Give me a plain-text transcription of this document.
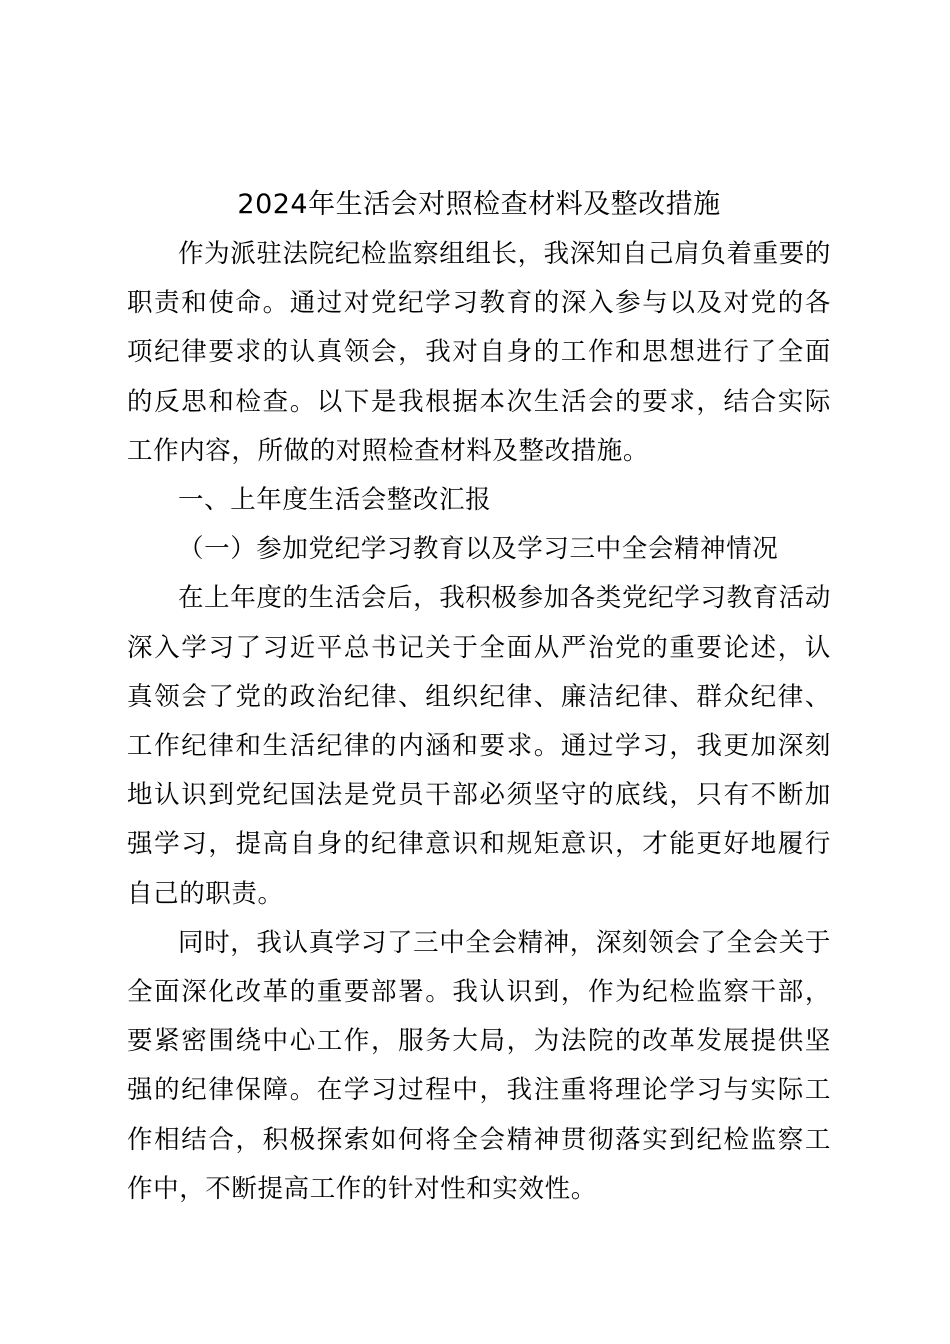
2024年生活会对照检查材料及整改措施

作为派驻法院纪检监察组组长，我深知自己肩负着重要的职责和使命。通过对党纪学习教育的深入参与以及对党的各项纪律要求的认真领会，我对自身的工作和思想进行了全面的反思和检查。以下是我根据本次生活会的要求，结合实际工作内容，所做的对照检查材料及整改措施。

一、上年度生活会整改汇报

（一）参加党纪学习教育以及学习三中全会精神情况

在上年度的生活会后，我积极参加各类党纪学习教育活动深入学习了习近平总书记关于全面从严治党的重要论述，认真领会了党的政治纪律、组织纪律、廉洁纪律、群众纪律、工作纪律和生活纪律的内涵和要求。通过学习，我更加深刻地认识到党纪国法是党员干部必须坚守的底线，只有不断加强学习，提高自身的纪律意识和规矩意识，才能更好地履行自己的职责。

同时，我认真学习了三中全会精神，深刻领会了全会关于全面深化改革的重要部署。我认识到，作为纪检监察干部，要紧密围绕中心工作，服务大局，为法院的改革发展提供坚强的纪律保障。在学习过程中，我注重将理论学习与实际工作相结合，积极探索如何将全会精神贯彻落实到纪检监察工作中，不断提高工作的针对性和实效性。
